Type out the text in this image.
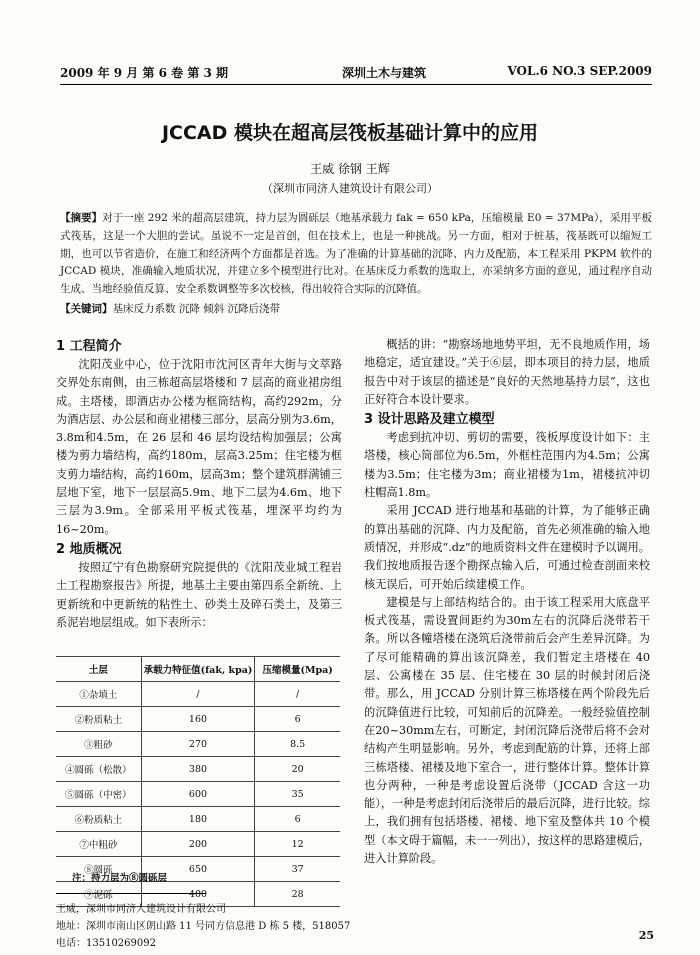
2009 年 9 月 第 6 卷 第 3 期	深圳土木与建筑	VOL.6 NO.3 SEP.2009
JCCAD 模块在超高层筏板基础计算中的应用
王威 徐钢 王辉
（深圳市同济人建筑设计有限公司）
【摘要】对于一座 292 米的超高层建筑，持力层为圆砾层（地基承载力 fak = 650 kPa，压缩模量 E0 = 37MPa），采用平板式筏基，这是一个大胆的尝试。虽说不一定是首创，但在技术上，也是一种挑战。另一方面，相对于桩基，筏基既可以缩短工期，也可以节省造价，在施工和经济两个方面都是首选。为了准确的计算基础的沉降、内力及配筋，本工程采用 PKPM 软件的 JCCAD 模块，准确输入地质状况，并建立多个模型进行比对。在基床反力系数的选取上，亦采纳多方面的意见，通过程序自动生成、当地经验值反算、安全系数调整等多次校核，得出较符合实际的沉降值。
【关键词】基床反力系数 沉降 倾斜 沉降后浇带
1 工程简介

沈阳茂业中心，位于沈阳市沈河区青年大街与文萃路交界处东南侧，由三栋超高层塔楼和 7 层高的商业裙房组成。主塔楼，即酒店办公楼为框筒结构，高约292m，分为酒店层、办公层和商业裙楼三部分，层高分别为3.6m，3.8m和4.5m，在 26 层和 46 层均设结构加强层；公寓楼为剪力墙结构，高约180m，层高3.25m；住宅楼为框支剪力墙结构，高约160m，层高3m；整个建筑群满铺三层地下室，地下一层层高5.9m、地下二层为4.6m、地下三层为3.9m。全部采用平板式筏基，埋深平均约为16~20m。

2 地质概况

按照辽宁有色勘察研究院提供的《沈阳茂业城工程岩土工程勘察报告》所提，地基土主要由第四系全新统、上更新统和中更新统的粘性土、砂类土及碎石类土，及第三系泥岩地层组成。如下表所示：

土层	承载力特征值(fak, kpa)	压缩模量(Mpa)
①杂填土	/	/
②粉质粘土	160	6
③粗砂	270	8.5
④圆砾（松散）	380	20
⑤圆砾（中密）	600	35
⑥粉质粘土	180	6
⑦中粗砂	200	12
⑧圆砾	650	37
⑨泥砾	400	28
注：持力层为⑧圆砾层
王威，深圳市同济人建筑设计有限公司
地址：深圳市南山区朗山路 11 号同方信息港 D 栋 5 楼，518057
电话：13510269092

概括的讲：“勘察场地地势平坦，无不良地质作用，场地稳定，适宜建设。”关于⑥层，即本项目的持力层，地质报告中对于该层的描述是“良好的天然地基持力层”，这也正好符合本设计要求。

3 设计思路及建立模型

考虑到抗冲切、剪切的需要，筏板厚度设计如下：主塔楼，核心筒部位为6.5m，外框柱范围内为4.5m；公寓楼为3.5m；住宅楼为3m；商业裙楼为1m，裙楼抗冲切柱帽高1.8m。

采用 JCCAD 进行地基和基础的计算，为了能够正确的算出基础的沉降、内力及配筋，首先必须准确的输入地质情况，并形成“.dz”的地质资料文件在建模时予以调用。我们按地质报告逐个勘探点输入后，可通过检查剖面来校核无误后，可开始后续建模工作。

建模是与上部结构结合的。由于该工程采用大底盘平板式筏基，需设置间距约为30m左右的沉降后浇带若干条。所以各幢塔楼在浇筑后浇带前后会产生差异沉降。为了尽可能精确的算出该沉降差，我们暂定主塔楼在 40 层、公寓楼在 35 层、住宅楼在 30 层的时候封闭后浇带。那么，用 JCCAD 分别计算三栋塔楼在两个阶段先后的沉降值进行比较，可知前后的沉降差。一般经验值控制在20~30mm左右，可断定，封闭沉降后浇带后将不会对结构产生明显影响。另外，考虑到配筋的计算，还将上部三栋塔楼、裙楼及地下室合一，进行整体计算。整体计算也分两种，一种是考虑设置后浇带（JCCAD 含这一功能），一种是考虑封闭后浇带后的最后沉降，进行比较。综上，我们拥有包括塔楼、裙楼、地下室及整体共 10 个模型（本文碍于篇幅，未一一列出），按这样的思路建模后，进入计算阶段。

25
